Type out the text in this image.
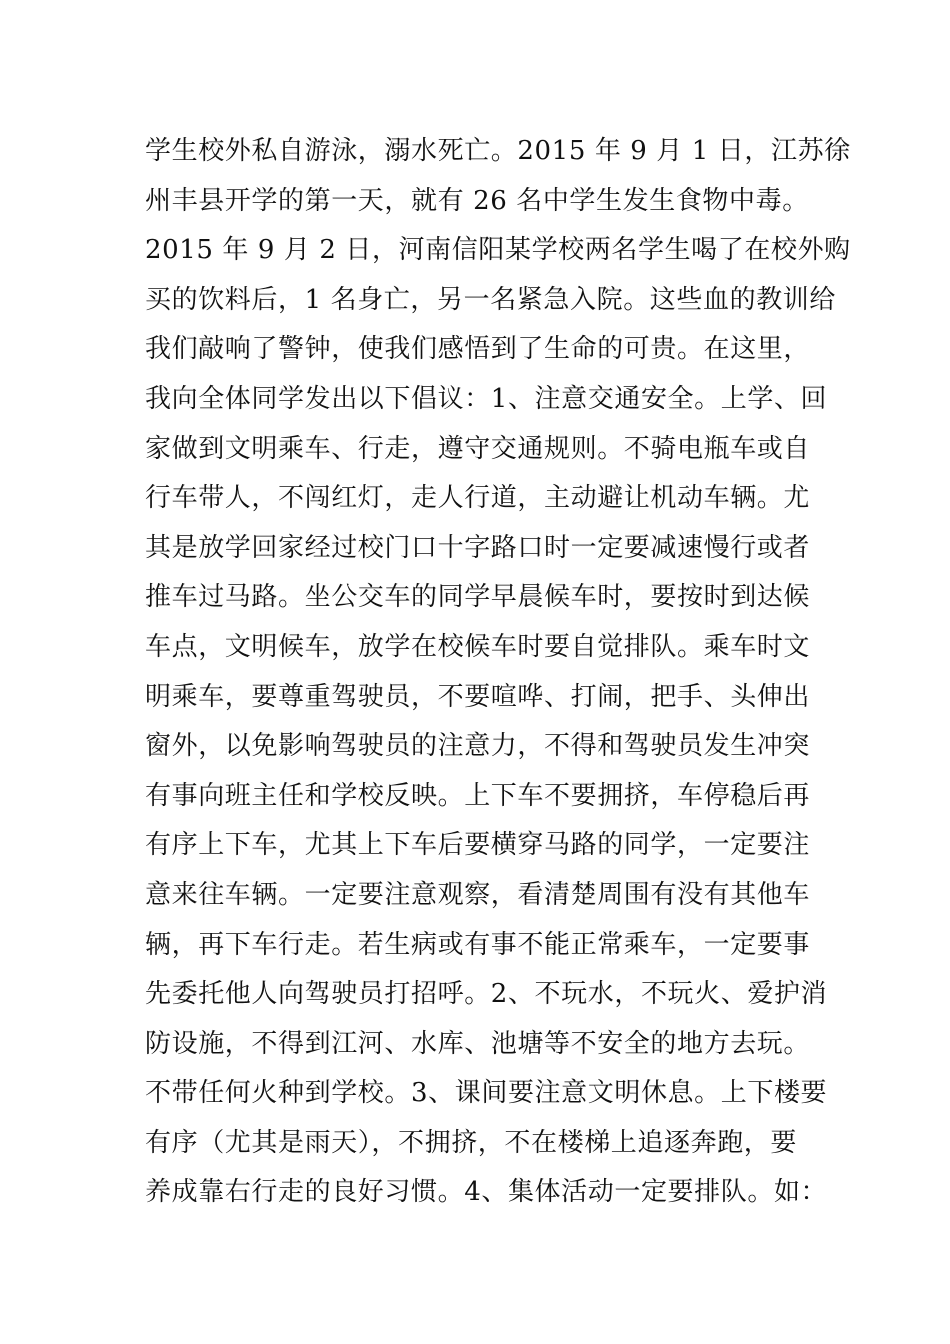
学生校外私自游泳，溺水死亡。2015 年 9 月 1 日，江苏徐
州丰县开学的第一天，就有 26 名中学生发生食物中毒。
2015 年 9 月 2 日，河南信阳某学校两名学生喝了在校外购
买的饮料后，1 名身亡，另一名紧急入院。这些血的教训给
我们敲响了警钟，使我们感悟到了生命的可贵。在这里，
我向全体同学发出以下倡议：1、注意交通安全。上学、回
家做到文明乘车、行走，遵守交通规则。不骑电瓶车或自
行车带人，不闯红灯，走人行道，主动避让机动车辆。尤
其是放学回家经过校门口十字路口时一定要减速慢行或者
推车过马路。坐公交车的同学早晨候车时，要按时到达候
车点，文明候车，放学在校候车时要自觉排队。乘车时文
明乘车，要尊重驾驶员，不要喧哗、打闹，把手、头伸出
窗外，以免影响驾驶员的注意力，不得和驾驶员发生冲突
有事向班主任和学校反映。上下车不要拥挤，车停稳后再
有序上下车，尤其上下车后要横穿马路的同学，一定要注
意来往车辆。一定要注意观察，看清楚周围有没有其他车
辆，再下车行走。若生病或有事不能正常乘车，一定要事
先委托他人向驾驶员打招呼。2、不玩水，不玩火、爱护消
防设施，不得到江河、水库、池塘等不安全的地方去玩。
不带任何火种到学校。3、课间要注意文明休息。上下楼要
有序（尤其是雨天），不拥挤，不在楼梯上追逐奔跑，要
养成靠右行走的良好习惯。4、集体活动一定要排队。如：
